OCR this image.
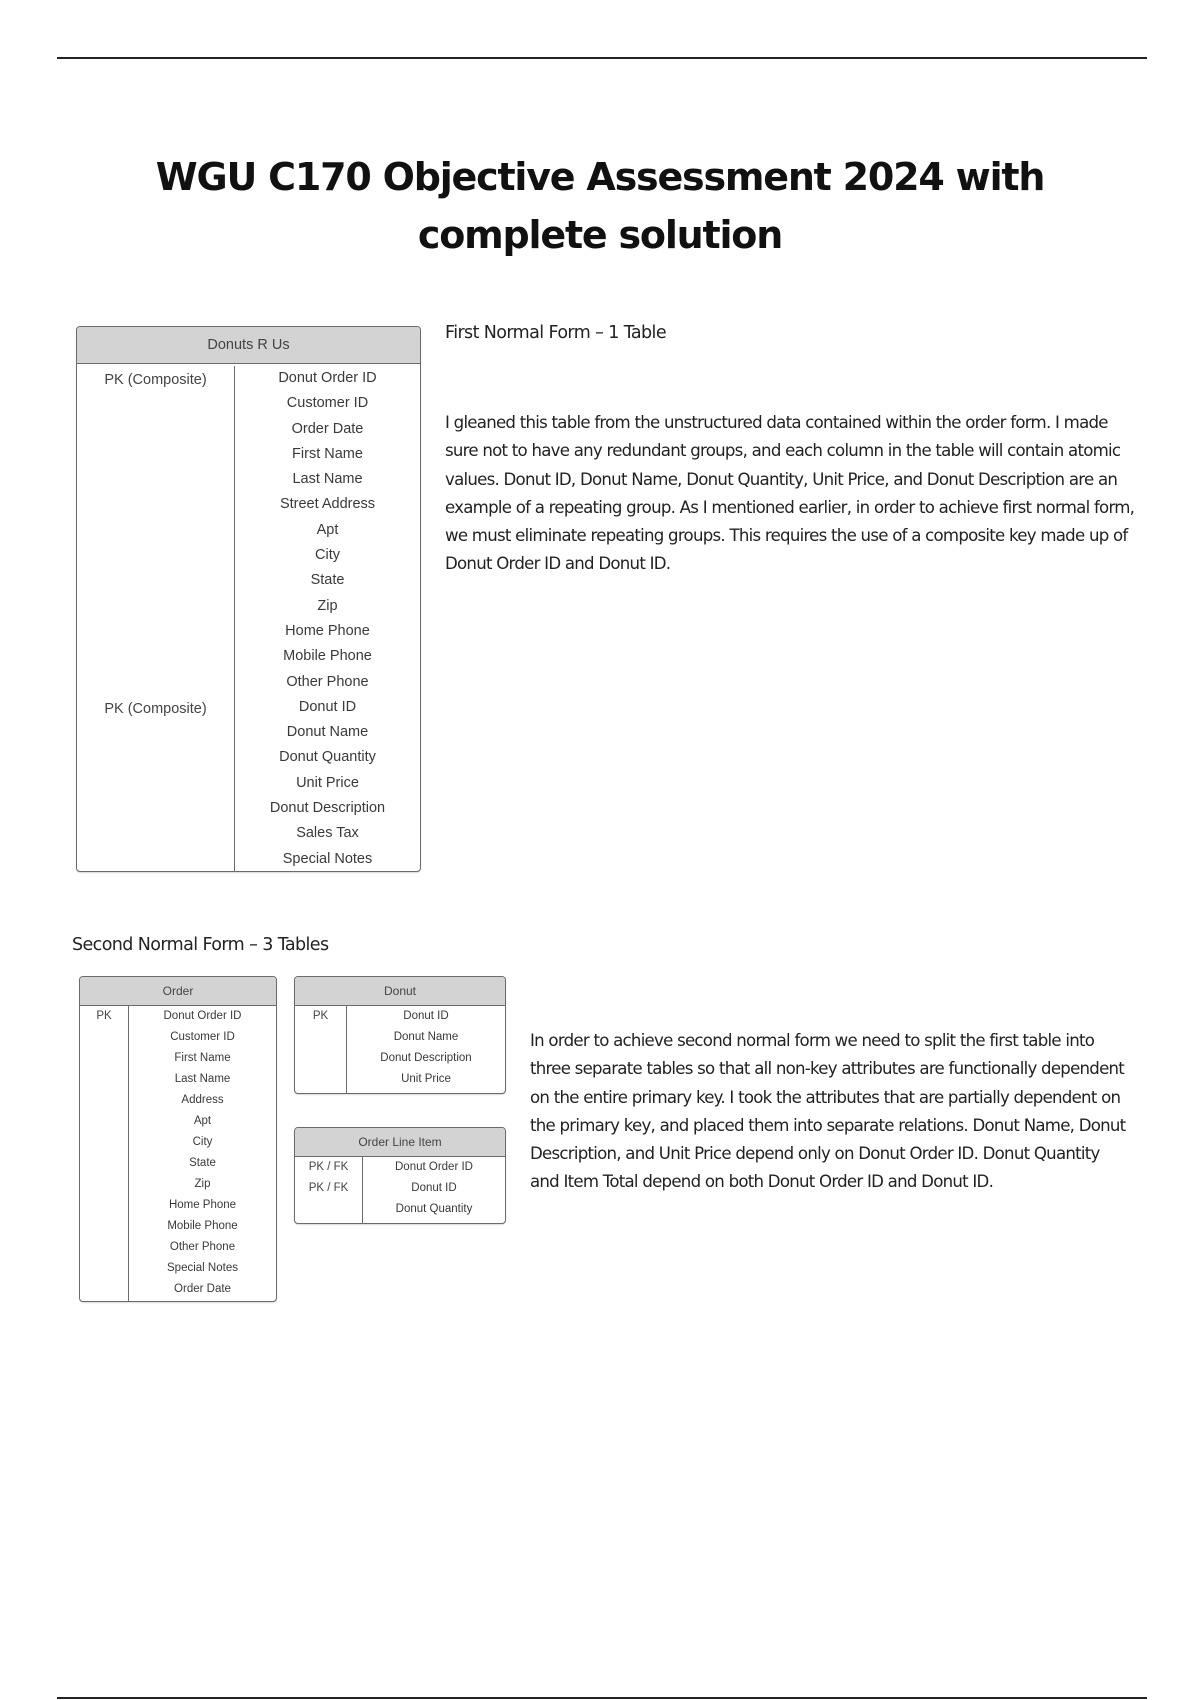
WGU C170 Objective Assessment 2024 with complete solution
Donuts R Us
PK (Composite)
PK (Composite)
Donut Order ID
Customer ID
Order Date
First Name
Last Name
Street Address
Apt
City
State
Zip
Home Phone
Mobile Phone
Other Phone
Donut ID
Donut Name
Donut Quantity
Unit Price
Donut Description
Sales Tax
Special Notes
First Normal Form – 1 Table

I gleaned this table from the unstructured data contained within the order form. I made sure not to have any redundant groups, and each column in the table will contain atomic values. Donut ID, Donut Name, Donut Quantity, Unit Price, and Donut Description are an example of a repeating group. As I mentioned earlier, in order to achieve first normal form, we must eliminate repeating groups. This requires the use of a composite key made up of Donut Order ID and Donut ID.

Second Normal Form – 3 Tables
Order
PK	Donut Order ID
Customer ID
First Name
Last Name
Address
Apt
City
State
Zip
Home Phone
Mobile Phone
Other Phone
Special Notes
Order Date
Donut
PK	Donut ID
Donut Name
Donut Description
Unit Price
Order Line Item
PK / FK
PK / FK
Donut Order ID
Donut ID
Donut Quantity

In order to achieve second normal form we need to split the first table into three separate tables so that all non-key attributes are functionally dependent on the entire primary key. I took the attributes that are partially dependent on the primary key, and placed them into separate relations. Donut Name, Donut Description, and Unit Price depend only on Donut Order ID. Donut Quantity and Item Total depend on both Donut Order ID and Donut ID.
